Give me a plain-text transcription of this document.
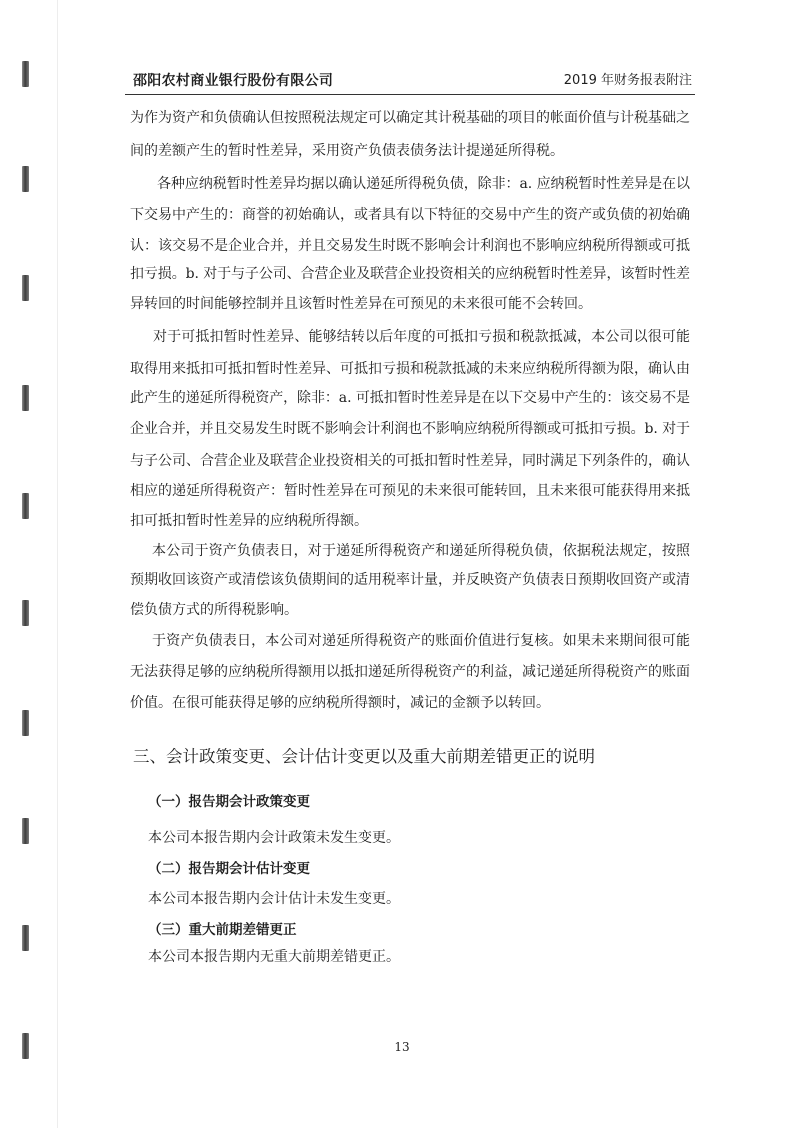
邵阳农村商业银行股份有限公司	2019 年财务报表附注
为作为资产和负债确认但按照税法规定可以确定其计税基础的项目的帐面价值与计税基础之
间的差额产生的暂时性差异，采用资产负债表债务法计提递延所得税。
各种应纳税暂时性差异均据以确认递延所得税负债，除非：a. 应纳税暂时性差异是在以
下交易中产生的：商誉的初始确认，或者具有以下特征的交易中产生的资产或负债的初始确
认：该交易不是企业合并，并且交易发生时既不影响会计利润也不影响应纳税所得额或可抵
扣亏损。b. 对于与子公司、合营企业及联营企业投资相关的应纳税暂时性差异，该暂时性差
异转回的时间能够控制并且该暂时性差异在可预见的未来很可能不会转回。
对于可抵扣暂时性差异、能够结转以后年度的可抵扣亏损和税款抵减，本公司以很可能
取得用来抵扣可抵扣暂时性差异、可抵扣亏损和税款抵减的未来应纳税所得额为限，确认由
此产生的递延所得税资产，除非：a. 可抵扣暂时性差异是在以下交易中产生的：该交易不是
企业合并，并且交易发生时既不影响会计利润也不影响应纳税所得额或可抵扣亏损。b. 对于
与子公司、合营企业及联营企业投资相关的可抵扣暂时性差异，同时满足下列条件的，确认
相应的递延所得税资产：暂时性差异在可预见的未来很可能转回，且未来很可能获得用来抵
扣可抵扣暂时性差异的应纳税所得额。
本公司于资产负债表日，对于递延所得税资产和递延所得税负债，依据税法规定，按照
预期收回该资产或清偿该负债期间的适用税率计量，并反映资产负债表日预期收回资产或清
偿负债方式的所得税影响。
于资产负债表日，本公司对递延所得税资产的账面价值进行复核。如果未来期间很可能
无法获得足够的应纳税所得额用以抵扣递延所得税资产的利益，减记递延所得税资产的账面
价值。在很可能获得足够的应纳税所得额时，减记的金额予以转回。
三、会计政策变更、会计估计变更以及重大前期差错更正的说明
（一）报告期会计政策变更
本公司本报告期内会计政策未发生变更。
（二）报告期会计估计变更
本公司本报告期内会计估计未发生变更。
（三）重大前期差错更正
本公司本报告期内无重大前期差错更正。
13
